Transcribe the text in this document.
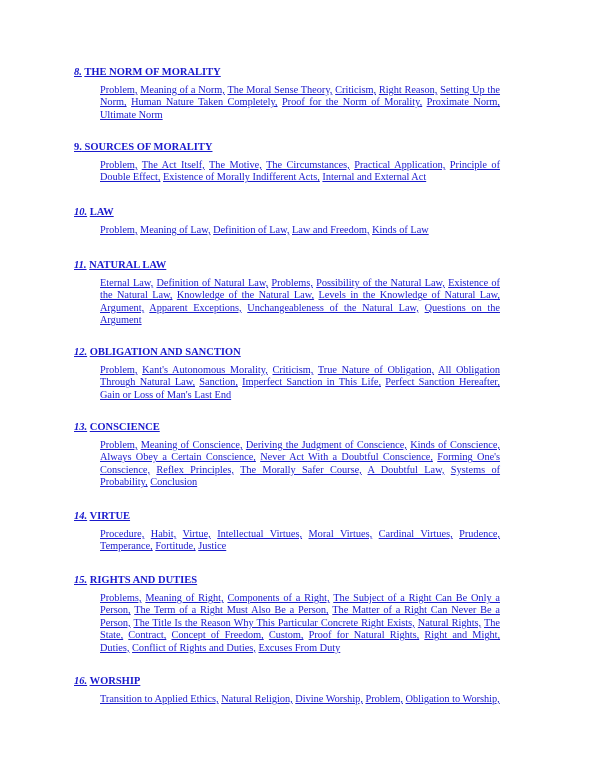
8. THE NORM OF MORALITY
Problem, Meaning of a Norm, The Moral Sense Theory, Criticism, Right Reason, Setting Up the Norm, Human Nature Taken Completely, Proof for the Norm of Morality, Proximate Norm, Ultimate Norm
9. SOURCES OF MORALITY
Problem, The Act Itself, The Motive, The Circumstances, Practical Application, Principle of Double Effect, Existence of Morally Indifferent Acts, Internal and External Act
10. LAW
Problem, Meaning of Law, Definition of Law, Law and Freedom, Kinds of Law
11. NATURAL LAW
Eternal Law, Definition of Natural Law, Problems, Possibility of the Natural Law, Existence of the Natural Law, Knowledge of the Natural Law, Levels in the Knowledge of Natural Law, Argument, Apparent Exceptions, Unchangeableness of the Natural Law, Questions on the Argument
12. OBLIGATION AND SANCTION
Problem, Kant's Autonomous Morality, Criticism, True Nature of Obligation, All Obligation Through Natural Law, Sanction, Imperfect Sanction in This Life, Perfect Sanction Hereafter, Gain or Loss of Man's Last End
13. CONSCIENCE
Problem, Meaning of Conscience, Deriving the Judgment of Conscience, Kinds of Conscience, Always Obey a Certain Conscience, Never Act With a Doubtful Conscience, Forming One's Conscience, Reflex Principles, The Morally Safer Course, A Doubtful Law, Systems of Probability, Conclusion
14. VIRTUE
Procedure, Habit, Virtue, Intellectual Virtues, Moral Virtues, Cardinal Virtues, Prudence, Temperance, Fortitude, Justice
15. RIGHTS AND DUTIES
Problems, Meaning of Right, Components of a Right, The Subject of a Right Can Be Only a Person, The Term of a Right Must Also Be a Person, The Matter of a Right Can Never Be a Person, The Title Is the Reason Why This Particular Concrete Right Exists, Natural Rights, The State, Contract, Concept of Freedom, Custom, Proof for Natural Rights, Right and Might, Duties, Conflict of Rights and Duties, Excuses From Duty
16. WORSHIP
Transition to Applied Ethics, Natural Religion, Divine Worship, Problem, Obligation to Worship,
